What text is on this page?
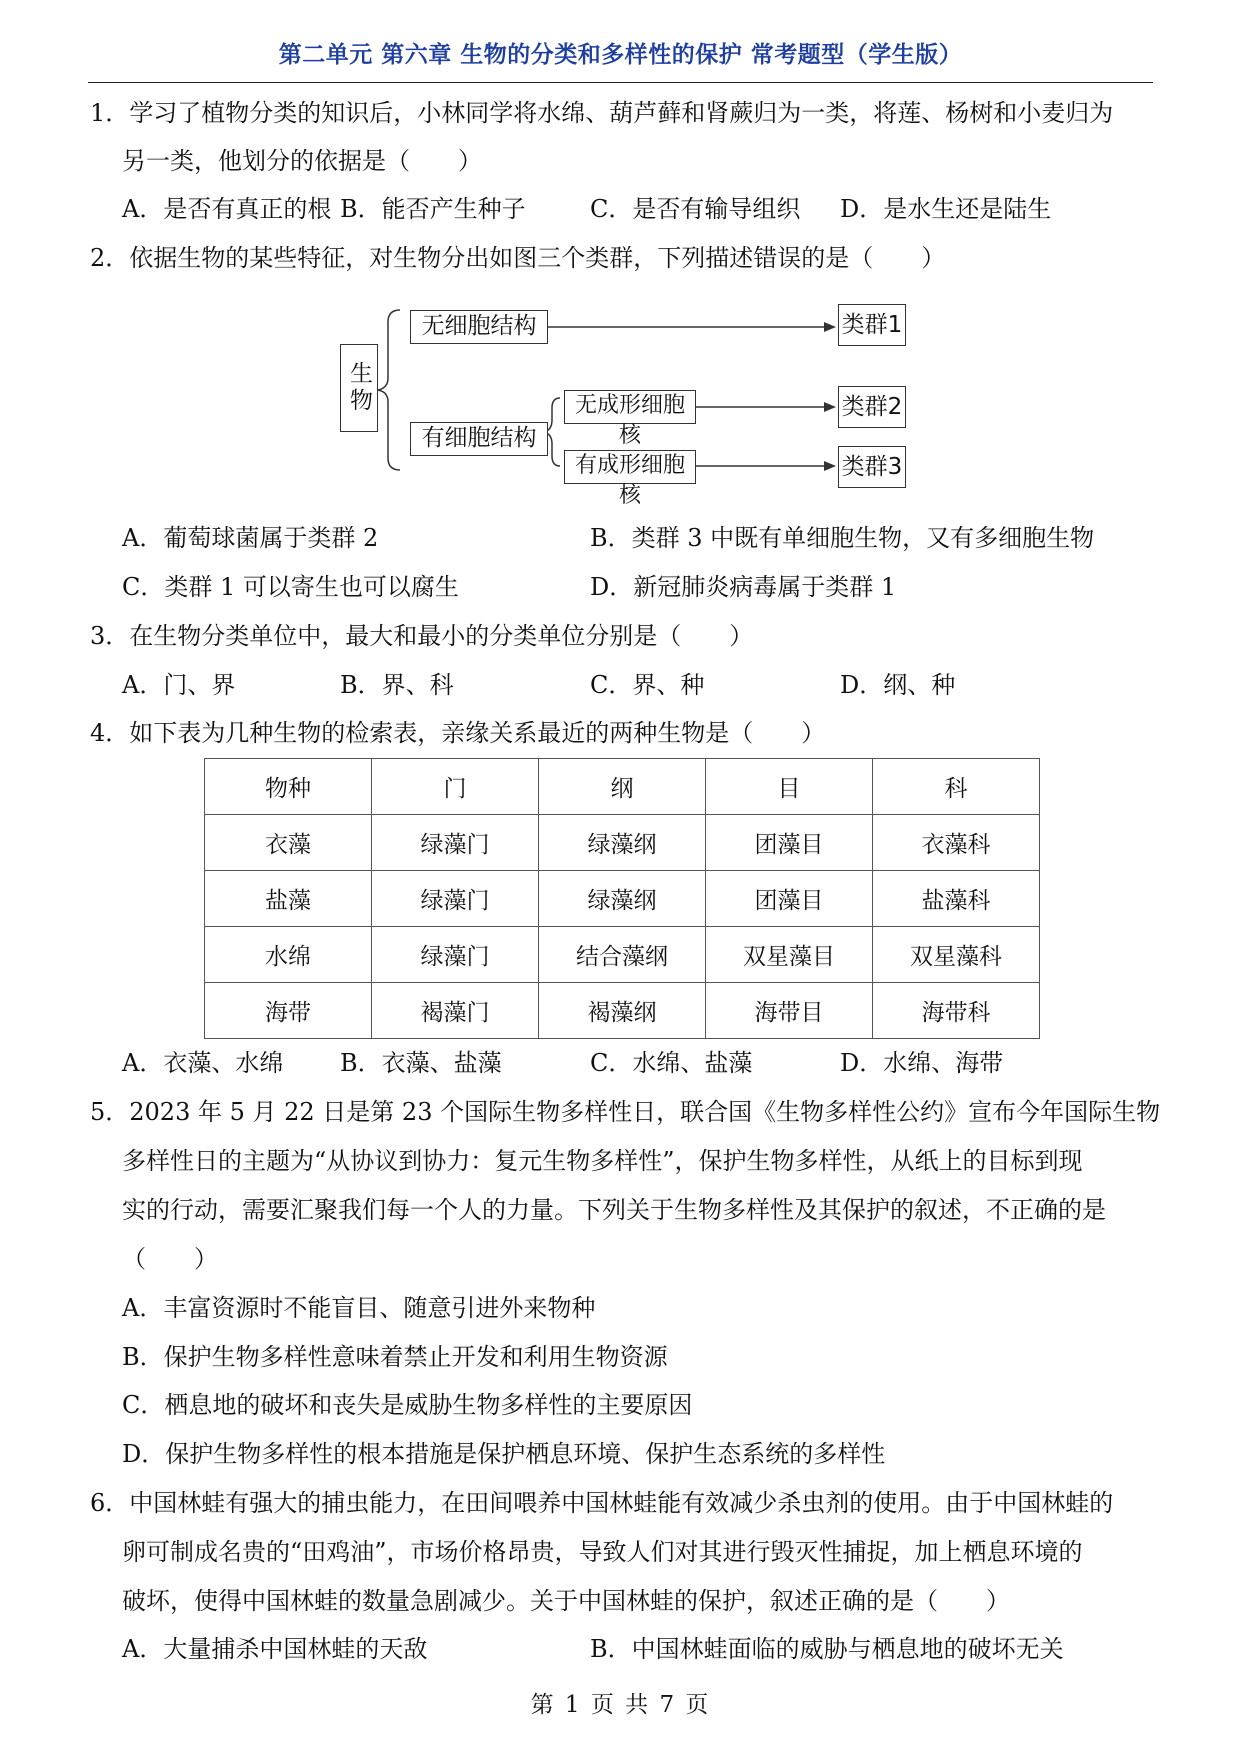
第二单元 第六章 生物的分类和多样性的保护 常考题型（学生版）
1．学习了植物分类的知识后，小林同学将水绵、葫芦藓和肾蕨归为一类，将莲、杨树和小麦归为
另一类，他划分的依据是（　　）
A．是否有真正的根 B．能否产生种子	C．是否有输导组织 D．是水生还是陆生
2．依据生物的某些特征，对生物分出如图三个类群，下列描述错误的是（　　）
生物
无细胞结构
有细胞结构
无成形细胞核
有成形细胞核
类群1
类群2
类群3
A．葡萄球菌属于类群 2	B．类群 3 中既有单细胞生物，又有多细胞生物
C．类群 1 可以寄生也可以腐生	D．新冠肺炎病毒属于类群 1
3．在生物分类单位中，最大和最小的分类单位分别是（　　）
A．门、界	B．界、科	C．界、种	D．纲、种
4．如下表为几种生物的检索表，亲缘关系最近的两种生物是（　　）
物种	门	纲	目	科
衣藻	绿藻门	绿藻纲	团藻目	衣藻科
盐藻	绿藻门	绿藻纲	团藻目	盐藻科
水绵	绿藻门	结合藻纲	双星藻目	双星藻科
海带	褐藻门	褐藻纲	海带目	海带科
A．衣藻、水绵 B．衣藻、盐藻	C．水绵、盐藻	D．水绵、海带
5．2023 年 5 月 22 日是第 23 个国际生物多样性日，联合国《生物多样性公约》宣布今年国际生物
多样性日的主题为“从协议到协力：复元生物多样性”，保护生物多样性，从纸上的目标到现
实的行动，需要汇聚我们每一个人的力量。下列关于生物多样性及其保护的叙述，不正确的是
（　　）
A．丰富资源时不能盲目、随意引进外来物种
B．保护生物多样性意味着禁止开发和利用生物资源
C．栖息地的破坏和丧失是威胁生物多样性的主要原因
D．保护生物多样性的根本措施是保护栖息环境、保护生态系统的多样性
6．中国林蛙有强大的捕虫能力，在田间喂养中国林蛙能有效减少杀虫剂的使用。由于中国林蛙的
卵可制成名贵的“田鸡油”，市场价格昂贵，导致人们对其进行毁灭性捕捉，加上栖息环境的
破坏，使得中国林蛙的数量急剧减少。关于中国林蛙的保护，叙述正确的是（　　）
A．大量捕杀中国林蛙的天敌	B．中国林蛙面临的威胁与栖息地的破坏无关
第 1 页 共 7 页
